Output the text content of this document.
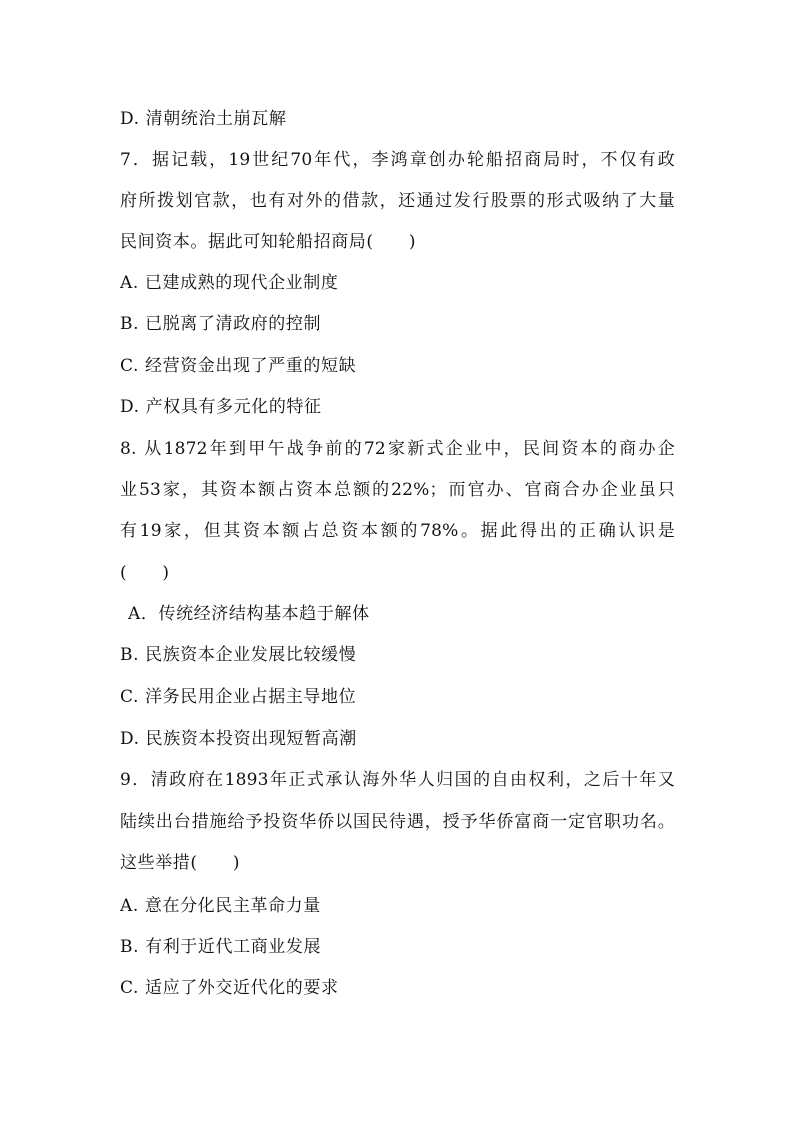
D. 清朝统治土崩瓦解
7．据记载，19世纪70年代，李鸿章创办轮船招商局时，不仅有政
府所拨划官款，也有对外的借款，还通过发行股票的形式吸纳了大量
民间资本。据此可知轮船招商局(　　)
A. 已建成熟的现代企业制度
B. 已脱离了清政府的控制
C. 经营资金出现了严重的短缺
D. 产权具有多元化的特征
8. 从1872年到甲午战争前的72家新式企业中，民间资本的商办企
业53家，其资本额占资本总额的22%；而官办、官商合办企业虽只
有19家，但其资本额占总资本额的78%。据此得出的正确认识是
(　　)
A．传统经济结构基本趋于解体
B. 民族资本企业发展比较缓慢
C. 洋务民用企业占据主导地位
D. 民族资本投资出现短暂高潮
9．清政府在1893年正式承认海外华人归国的自由权利，之后十年又
陆续出台措施给予投资华侨以国民待遇，授予华侨富商一定官职功名。
这些举措(　　)
A. 意在分化民主革命力量
B. 有利于近代工商业发展
C. 适应了外交近代化的要求
